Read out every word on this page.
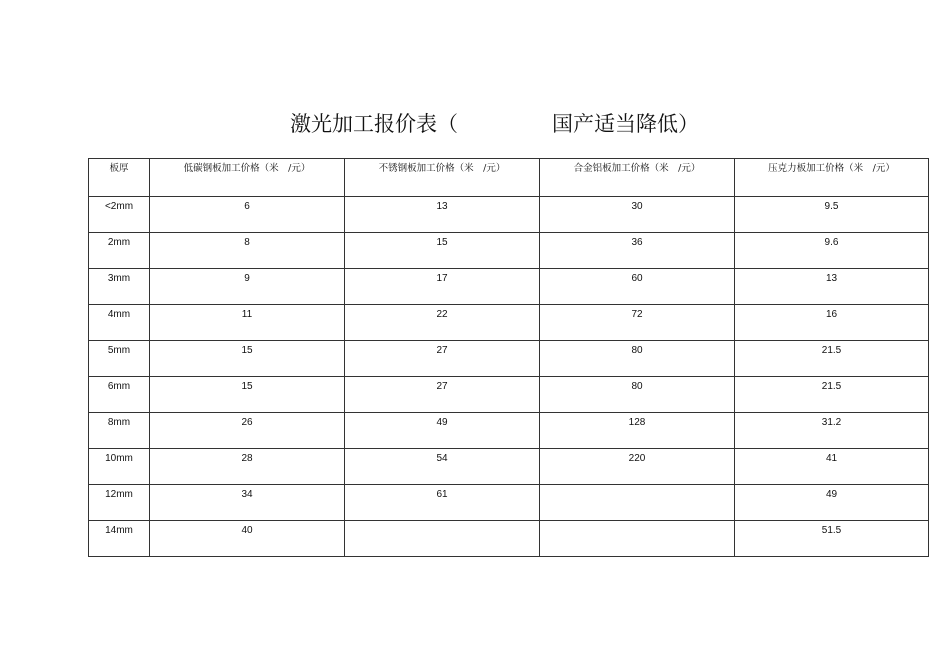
激光加工报价表（	国产适当降低）
板厚	低碳钢板加工价格（米　/元）	不锈钢板加工价格（米　/元）	合金铝板加工价格（米　/元）	压克力板加工价格（米　/元）
<2mm	6	13	30	9.5
2mm	8	15	36	9.6
3mm	9	17	60	13
4mm	11	22	72	16
5mm	15	27	80	21.5
6mm	15	27	80	21.5
8mm	26	49	128	31.2
10mm	28	54	220	41
12mm	34	61		49
14mm	40			51.5
